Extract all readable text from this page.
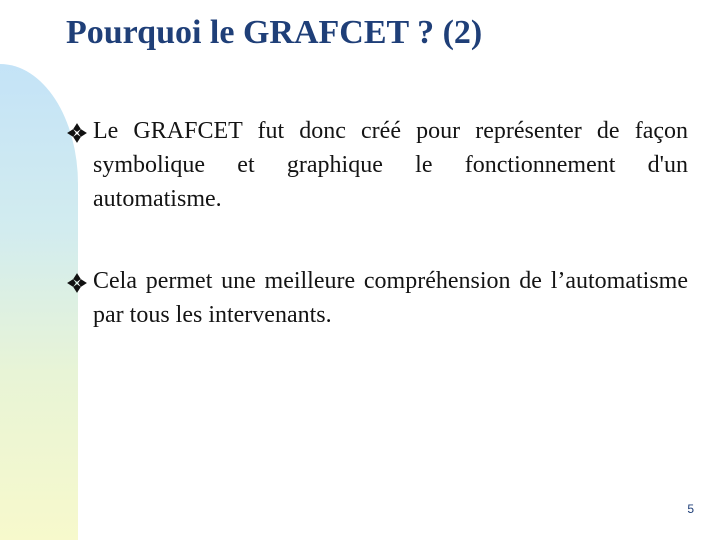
Pourquoi le GRAFCET ? (2)
Le GRAFCET fut donc créé pour représenter de façon symbolique et graphique le fonctionnement d'un automatisme.
Cela permet une meilleure compréhension de l’automatisme par tous les intervenants.
5
